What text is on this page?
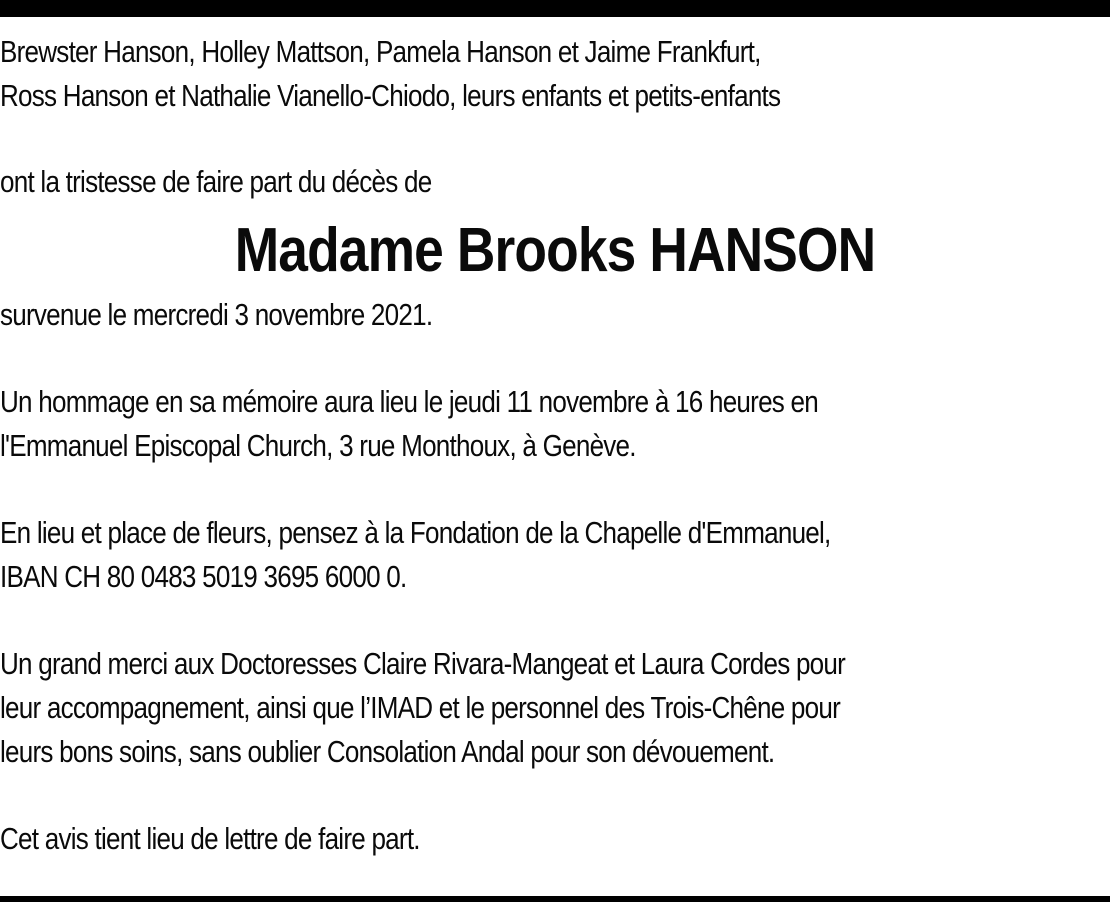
Brewster Hanson, Holley Mattson, Pamela Hanson et Jaime Frankfurt,
Ross Hanson et Nathalie Vianello-Chiodo, leurs enfants et petits-enfants
ont la tristesse de faire part du décès de
Madame Brooks HANSON
survenue le mercredi 3 novembre 2021.
Un hommage en sa mémoire aura lieu le jeudi 11 novembre à 16 heures en
l'Emmanuel Episcopal Church, 3 rue Monthoux, à Genève.
En lieu et place de fleurs, pensez à la Fondation de la Chapelle d'Emmanuel,
IBAN CH 80 0483 5019 3695 6000 0.
Un grand merci aux Doctoresses Claire Rivara-Mangeat et Laura Cordes pour
leur accompagnement, ainsi que l’IMAD et le personnel des Trois-Chêne pour
leurs bons soins, sans oublier Consolation Andal pour son dévouement.
Cet avis tient lieu de lettre de faire part.
